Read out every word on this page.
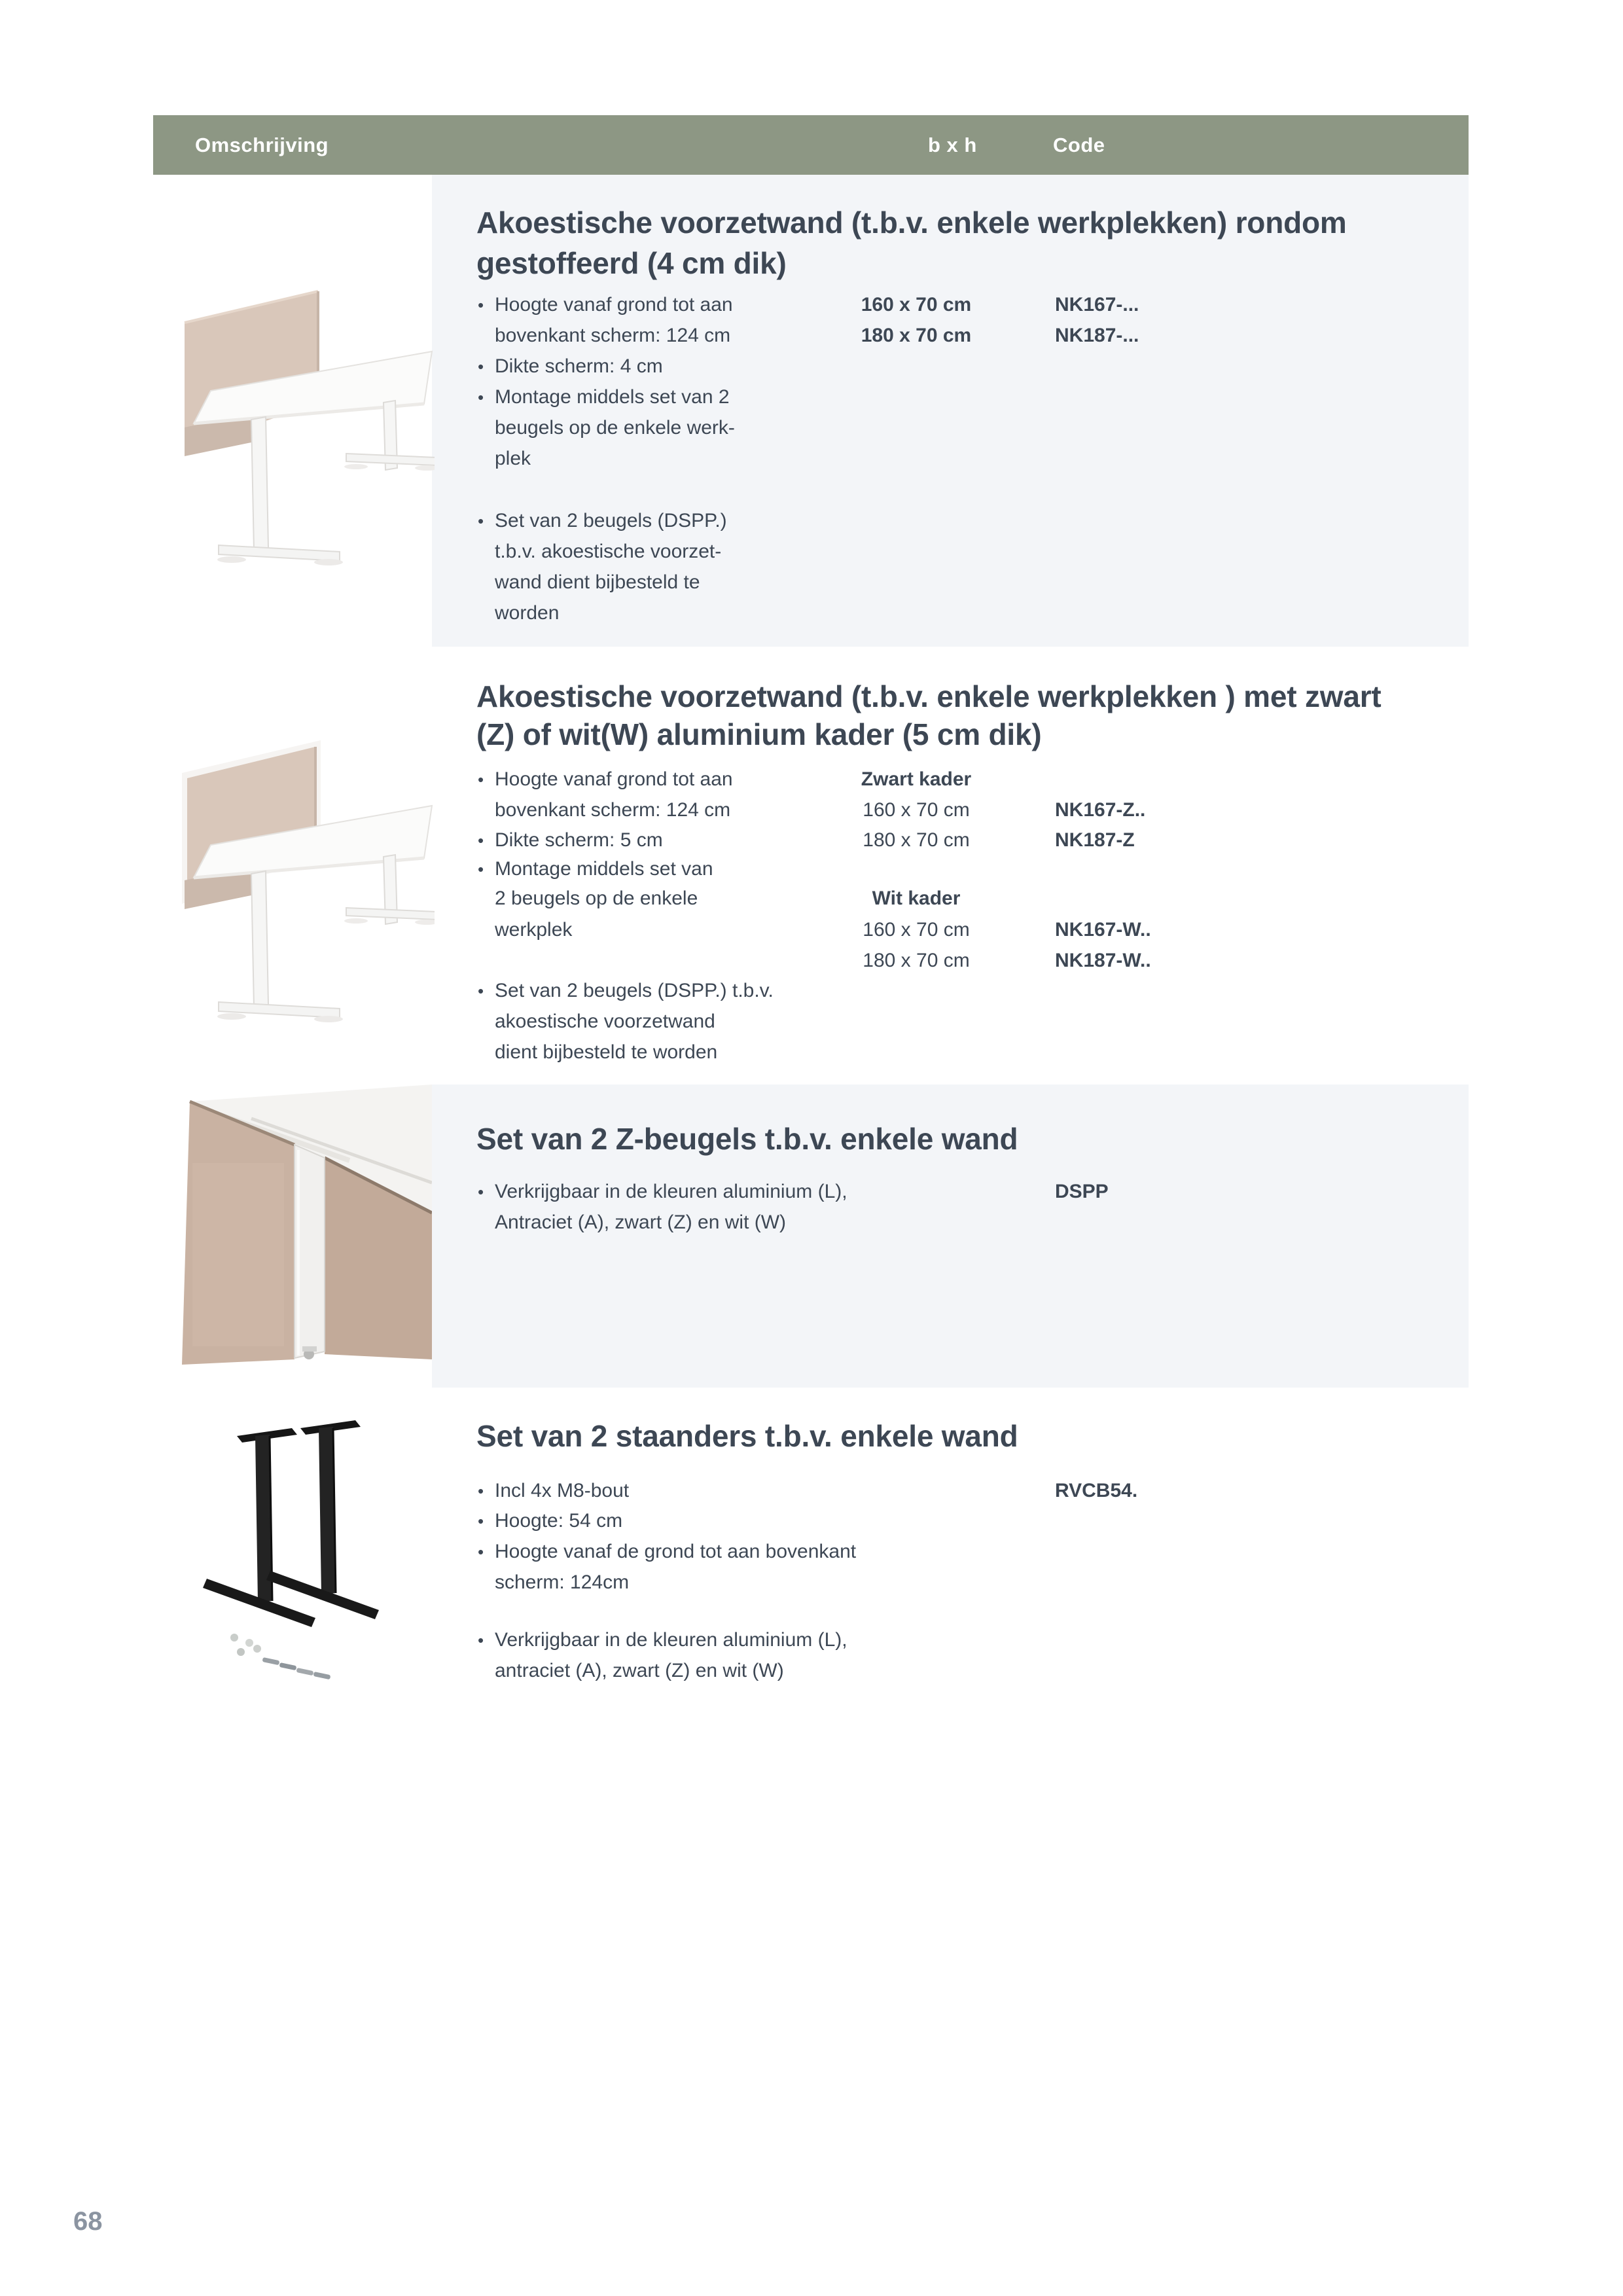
Omschrijving	b x h	Code
Akoestische voorzetwand (t.b.v. enkele werkplekken) rondom
gestoffeerd (4 cm dik)
• Hoogte vanaf grond tot aan
bovenkant scherm: 124 cm
• Dikte scherm: 4 cm
• Montage middels set van 2
beugels op de enkele werk-
plek
• Set van 2 beugels (DSPP.)
t.b.v. akoestische voorzet-
wand dient bijbesteld te
worden
160 x 70 cm
180 x 70 cm
NK167-...
NK187-...
Akoestische voorzetwand (t.b.v. enkele werkplekken ) met zwart
(Z) of wit(W) aluminium kader (5 cm dik)
• Hoogte vanaf grond tot aan
bovenkant scherm: 124 cm
• Dikte scherm: 5 cm
• Montage middels set van
2 beugels op de enkele
werkplek
• Set van 2 beugels (DSPP.) t.b.v.
akoestische voorzetwand
dient bijbesteld te worden
Zwart kader
160 x 70 cm
180 x 70 cm
Wit kader
160 x 70 cm
180 x 70 cm
NK167-Z..
NK187-Z
NK167-W..
NK187-W..
Set van 2 Z-beugels t.b.v. enkele wand
• Verkrijgbaar in de kleuren aluminium (L),
Antraciet (A), zwart (Z) en wit (W)
DSPP
Set van 2 staanders t.b.v. enkele wand
• Incl 4x M8-bout
• Hoogte: 54 cm
• Hoogte vanaf de grond tot aan bovenkant
scherm: 124cm
• Verkrijgbaar in de kleuren aluminium (L),
antraciet (A), zwart (Z) en wit (W)
RVCB54.
68
